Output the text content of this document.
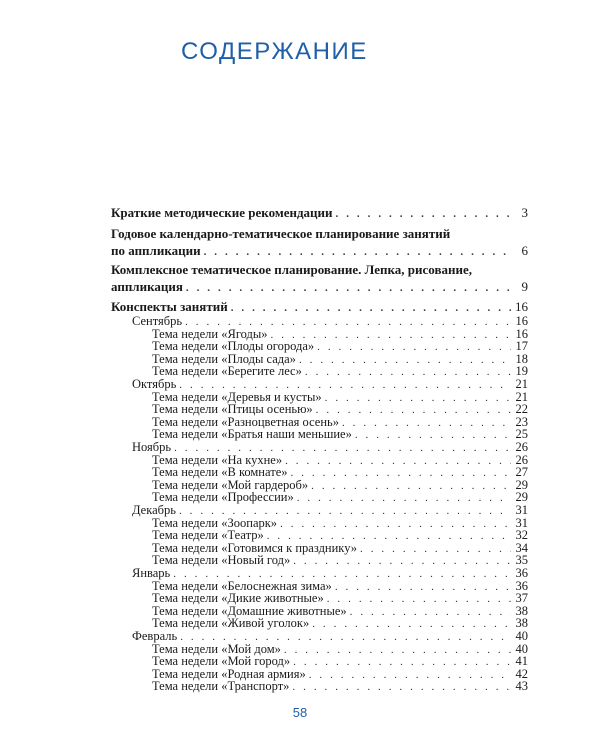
СОДЕРЖАНИЕ
Краткие методические рекомендации . . .	3
Годовое календарно-тематическое планирование занятий
по аппликации . . .	6
Комплексное тематическое планирование. Лепка, рисование,
аппликация . . .	9
Конспекты занятий . . .	16
Сентябрь . . .	16
Тема недели «Ягоды» . . .	16
Тема недели «Плоды огорода» . . .	17
Тема недели «Плоды сада» . . .	18
Тема недели «Берегите лес» . . .	19
Октябрь . . .	21
Тема недели «Деревья и кусты» . . .	21
Тема недели «Птицы осенью» . . .	22
Тема недели «Разноцветная осень» . . .	23
Тема недели «Братья наши меньшие» . . .	25
Ноябрь . . .	26
Тема недели «На кухне» . . .	26
Тема недели «В комнате» . . .	27
Тема недели «Мой гардероб» . . .	29
Тема недели «Профессии» . . .	29
Декабрь . . .	31
Тема недели «Зоопарк» . . .	31
Тема недели «Театр» . . .	32
Тема недели «Готовимся к празднику» . . .	34
Тема недели «Новый год» . . .	35
Январь . . .	36
Тема недели «Белоснежная зима» . . .	36
Тема недели «Дикие животные» . . .	37
Тема недели «Домашние животные» . . .	38
Тема недели «Живой уголок» . . .	38
Февраль . . .	40
Тема недели «Мой дом» . . .	40
Тема недели «Мой город» . . .	41
Тема недели «Родная армия» . . .	42
Тема недели «Транспорт» . . .	43
58
